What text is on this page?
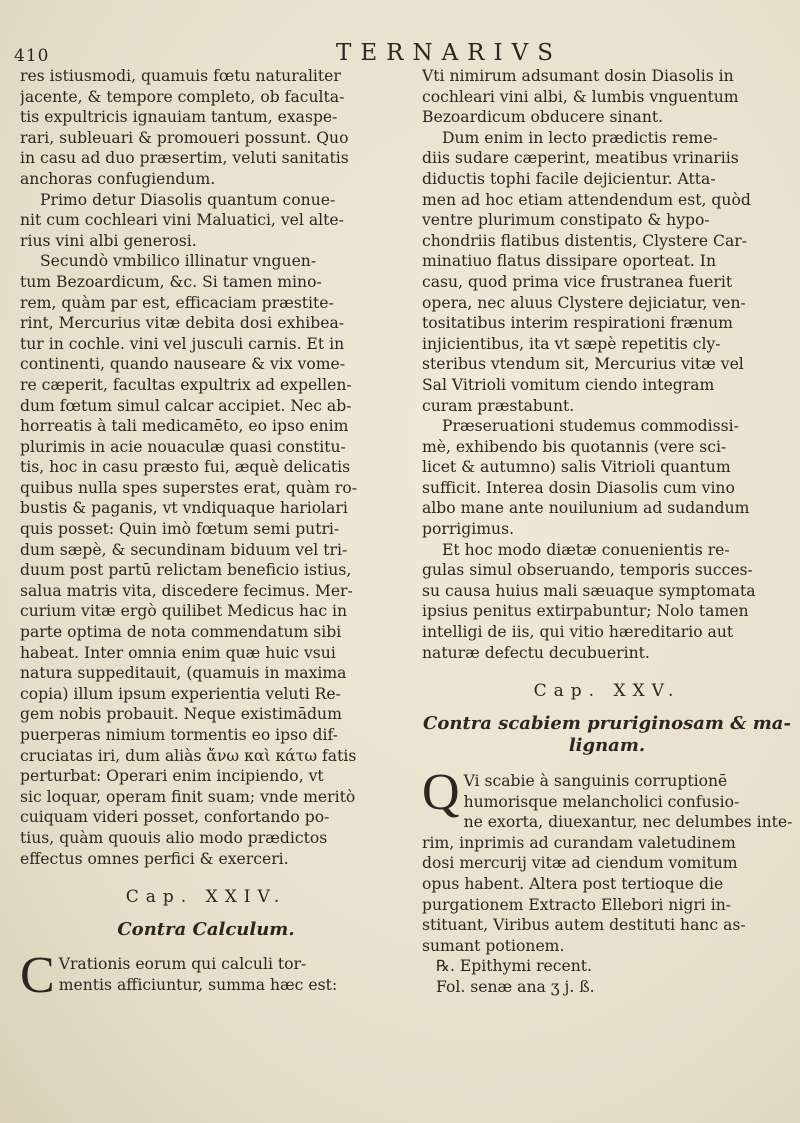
410	TERNARIVS
res istiusmodi, quamuis fœtu naturaliter
jacente, & tempore completo, ob faculta-
tis expultricis ignauiam tantum, exaspe-
rari, subleuari & promoueri possunt. Quo
in casu ad duo præsertim, veluti sanitatis
anchoras confugiendum.
Primo detur Diasolis quantum conue-
nit cum cochleari vini Maluatici, vel alte-
rius vini albi generosi.
Secundò vmbilico illinatur vnguen-
tum Bezoardicum, &c. Si tamen mino-
rem, quàm par est, efficaciam præstite-
rint, Mercurius vitæ debita dosi exhibea-
tur in cochle. vini vel jusculi carnis. Et in
continenti, quando nauseare & vix vome-
re cæperit, facultas expultrix ad expellen-
dum fœtum simul calcar accipiet. Nec ab-
horreatis à tali medicamēto, eo ipso enim
plurimis in acie nouaculæ quasi constitu-
tis, hoc in casu præsto fui, æquè delicatis
quibus nulla spes superstes erat, quàm ro-
bustis & paganis, vt vndiquaque hariolari
quis posset: Quin imò fœtum semi putri-
dum sæpè, & secundinam biduum vel tri-
duum post partū relictam beneficio istius,
salua matris vita, discedere fecimus. Mer-
curium vitæ ergò quilibet Medicus hac in
parte optima de nota commendatum sibi
habeat. Inter omnia enim quæ huic vsui
natura suppeditauit, (quamuis in maxima
copia) illum ipsum experientia veluti Re-
gem nobis probauit. Neque existimādum
puerperas nimium tormentis eo ipso dif-
cruciatas iri, dum aliàs ἄνω καὶ κάτω fatis
perturbat: Operari enim incipiendo, vt
sic loquar, operam finit suam; vnde meritò
cuiquam videri posset, confortando po-
tius, quàm quouis alio modo prædictos
effectus omnes perfici & exerceri.
Cap. XXIV.
Contra Calculum.
C Vrationis eorum qui calculi tor-
mentis afficiuntur, summa hæc est:
Vti nimirum adsumant dosin Diasolis in
cochleari vini albi, & lumbis vnguentum
Bezoardicum obducere sinant.
Dum enim in lecto prædictis reme-
diis sudare cæperint, meatibus vrinariis
diductis tophi facile dejicientur. Atta-
men ad hoc etiam attendendum est, quòd
ventre plurimum constipato & hypo-
chondriis flatibus distentis, Clystere Car-
minatiuo flatus dissipare oporteat. In
casu, quod prima vice frustranea fuerit
opera, nec aluus Clystere dejiciatur, ven-
tositatibus interim respirationi frænum
injicientibus, ita vt sæpè repetitis cly-
steribus vtendum sit, Mercurius vitæ vel
Sal Vitrioli vomitum ciendo integram
curam præstabunt.
Præseruationi studemus commodissi-
mè, exhibendo bis quotannis (vere sci-
licet & autumno) salis Vitrioli quantum
sufficit. Interea dosin Diasolis cum vino
albo mane ante nouilunium ad sudandum
porrigimus.
Et hoc modo diætæ conuenientis re-
gulas simul obseruando, temporis succes-
su causa huius mali sæuaque symptomata
ipsius penitus extirpabuntur; Nolo tamen
intelligi de iis, qui vitio hæreditario aut
naturæ defectu decubuerint.
Cap. XXV.
Contra scabiem pruriginosam & ma-
lignam.
Q Vi scabie à sanguinis corruptionē
humorisque melancholici confusio-
ne exorta, diuexantur, nec delumbes inte-
rim, inprimis ad curandam valetudinem
dosi mercurij vitæ ad ciendum vomitum
opus habent. Altera post tertioque die
purgationem Extracto Ellebori nigri in-
stituant, Viribus autem destituti hanc as-
sumant potionem.
℞. Epithymi recent.
Fol. senæ ana ʒ j. ß.
